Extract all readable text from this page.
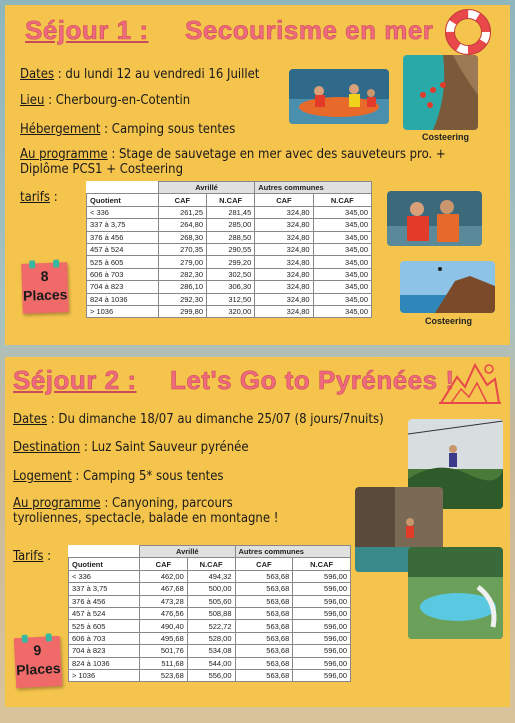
Séjour 1 : Secourisme en mer
Dates : du lundi 12 au vendredi 16 Juillet
Lieu : Cherbourg-en-Cotentin
Hébergement : Camping sous tentes
Au programme : Stage de sauvetage en mer avec des sauveteurs pro. + Diplôme PCS1 + Costeering
tarifs :
	Avrillé		Autres communes	
Quotient	CAF	N.CAF	CAF	N.CAF
< 336	261,25	281,45	324,80	345,00
337 à 3,75	264,80	285,00	324,80	345,00
376 à 456	268,30	288,50	324,80	345,00
457 à 524	270,35	290,55	324,80	345,00
525 à 605	279,00	299,20	324,80	345,00
606 à 703	282,30	302,50	324,80	345,00
704 à 823	286,10	306,30	324,80	345,00
824 à 1036	292,30	312,50	324,80	345,00
> 1036	299,80	320,00	324,80	345,00
Costeering
Costeering
8
Places
Séjour 2 : Let's Go to Pyrénées !
Dates : Du dimanche 18/07 au dimanche 25/07 (8 jours/7nuits)
Destination : Luz Saint Sauveur pyrénée
Logement : Camping 5* sous tentes
Au programme : Canyoning, parcours tyroliennes, spectacle, balade en montagne !
Tarifs :
		Avrillé		Autres communes	
Quotient	CAF	N.CAF	CAF	N.CAF
< 336	462,00	494,32	563,68	596,00
337 à 3,75	467,68	500,00	563,68	596,00
376 à 456	473,28	505,60	563,68	596,00
457 à 524	476,56	508,88	563,68	596,00
525 à 605	490,40	522,72	563,68	596,00
606 à 703	495,68	528,00	563,68	596,00
704 à 823	501,76	534,08	563,68	596,00
824 à 1036	511,68	544,00	563,68	596,00
> 1036	523,68	556,00	563,68	596,00
9
Places
